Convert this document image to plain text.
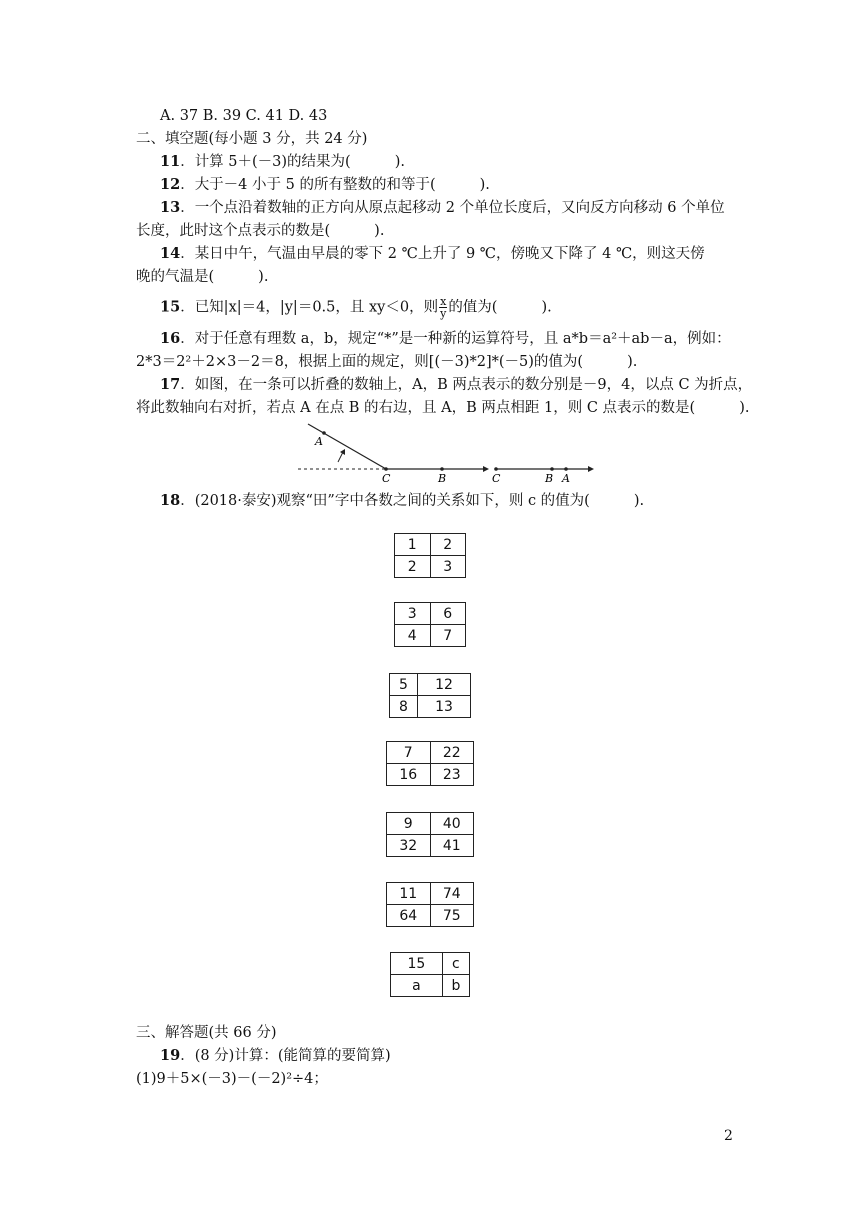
A. 37 B. 39 C. 41 D. 43
二、填空题(每小题 3 分，共 24 分)
11．计算 5＋(－3)的结果为(	).
12．大于－4 小于 5 的所有整数的和等于(	).
13．一个点沿着数轴的正方向从原点起移动 2 个单位长度后，又向反方向移动 6 个单位
长度，此时这个点表示的数是(	).
14．某日中午，气温由早晨的零下 2 ℃上升了 9 ℃，傍晚又下降了 4 ℃，则这天傍
晚的气温是(	).
15．已知|x|＝4，|y|＝0.5，且 xy＜0，则 $\frac{x}{y}$ 的值为(	).
16．对于任意有理数 a，b，规定“*”是一种新的运算符号，且 a*b＝a²＋ab－a，例如：
2*3＝2²＋2×3－2＝8，根据上面的规定，则[(－3)*2]*(－5)的值为(	).
17．如图，在一条可以折叠的数轴上，A，B 两点表示的数分别是－9，4，以点 C 为折点，
将此数轴向右对折，若点 A 在点 B 的右边，且 A，B 两点相距 1，则 C 点表示的数是(	).
A
C	B	C	B A
18．(2018·泰安)观察“田”字中各数之间的关系如下，则 c 的值为(	).
1	2
2	3
3	6
4	7
5	12
8	13
7	22
16	23
9	40
32	41
11	74
64	75
15	c
a	b
三、解答题(共 66 分)
19．(8 分)计算：(能简算的要简算)
(1)9＋5×(－3)－(－2)²÷4；
2
